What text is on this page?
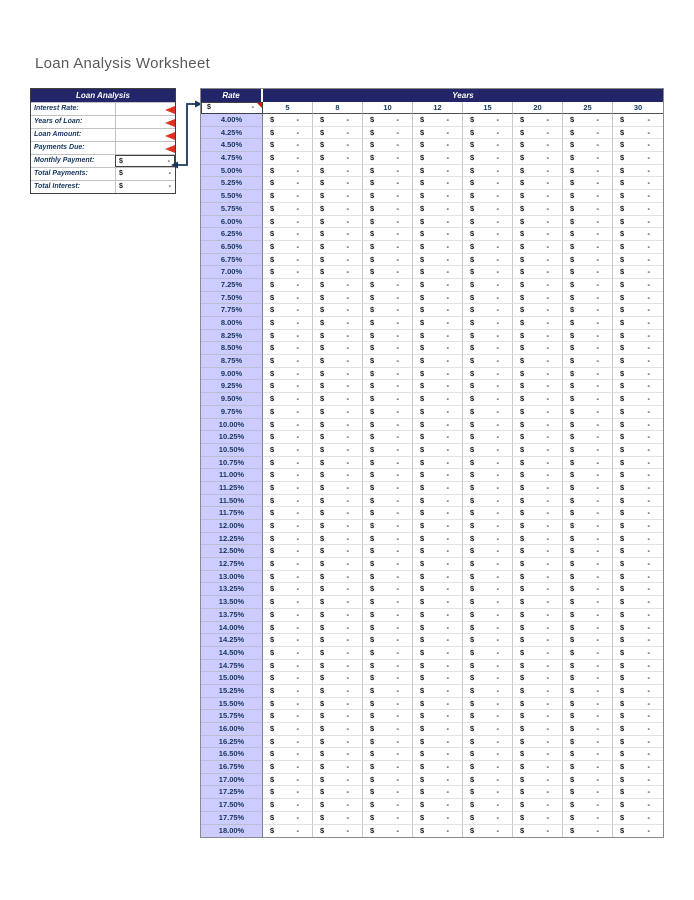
Loan Analysis Worksheet
Loan Analysis
Interest Rate:
Years of Loan:
Loan Amount:
Payments Due:
Monthly Payment:	$	-
Total Payments:	$	-
Total Interest:	$	-
Rate	Years
$	-	5	8	10	12	15	20	25	30
4.00%	$	-	$	-	$	-	$	-	$	-	$	-	$	-	$	-
4.25%	$	-	$	-	$	-	$	-	$	-	$	-	$	-	$	-
4.50%	$	-	$	-	$	-	$	-	$	-	$	-	$	-	$	-
4.75%	$	-	$	-	$	-	$	-	$	-	$	-	$	-	$	-
5.00%	$	-	$	-	$	-	$	-	$	-	$	-	$	-	$	-
5.25%	$	-	$	-	$	-	$	-	$	-	$	-	$	-	$	-
5.50%	$	-	$	-	$	-	$	-	$	-	$	-	$	-	$	-
5.75%	$	-	$	-	$	-	$	-	$	-	$	-	$	-	$	-
6.00%	$	-	$	-	$	-	$	-	$	-	$	-	$	-	$	-
6.25%	$	-	$	-	$	-	$	-	$	-	$	-	$	-	$	-
6.50%	$	-	$	-	$	-	$	-	$	-	$	-	$	-	$	-
6.75%	$	-	$	-	$	-	$	-	$	-	$	-	$	-	$	-
7.00%	$	-	$	-	$	-	$	-	$	-	$	-	$	-	$	-
7.25%	$	-	$	-	$	-	$	-	$	-	$	-	$	-	$	-
7.50%	$	-	$	-	$	-	$	-	$	-	$	-	$	-	$	-
7.75%	$	-	$	-	$	-	$	-	$	-	$	-	$	-	$	-
8.00%	$	-	$	-	$	-	$	-	$	-	$	-	$	-	$	-
8.25%	$	-	$	-	$	-	$	-	$	-	$	-	$	-	$	-
8.50%	$	-	$	-	$	-	$	-	$	-	$	-	$	-	$	-
8.75%	$	-	$	-	$	-	$	-	$	-	$	-	$	-	$	-
9.00%	$	-	$	-	$	-	$	-	$	-	$	-	$	-	$	-
9.25%	$	-	$	-	$	-	$	-	$	-	$	-	$	-	$	-
9.50%	$	-	$	-	$	-	$	-	$	-	$	-	$	-	$	-
9.75%	$	-	$	-	$	-	$	-	$	-	$	-	$	-	$	-
10.00%	$	-	$	-	$	-	$	-	$	-	$	-	$	-	$	-
10.25%	$	-	$	-	$	-	$	-	$	-	$	-	$	-	$	-
10.50%	$	-	$	-	$	-	$	-	$	-	$	-	$	-	$	-
10.75%	$	-	$	-	$	-	$	-	$	-	$	-	$	-	$	-
11.00%	$	-	$	-	$	-	$	-	$	-	$	-	$	-	$	-
11.25%	$	-	$	-	$	-	$	-	$	-	$	-	$	-	$	-
11.50%	$	-	$	-	$	-	$	-	$	-	$	-	$	-	$	-
11.75%	$	-	$	-	$	-	$	-	$	-	$	-	$	-	$	-
12.00%	$	-	$	-	$	-	$	-	$	-	$	-	$	-	$	-
12.25%	$	-	$	-	$	-	$	-	$	-	$	-	$	-	$	-
12.50%	$	-	$	-	$	-	$	-	$	-	$	-	$	-	$	-
12.75%	$	-	$	-	$	-	$	-	$	-	$	-	$	-	$	-
13.00%	$	-	$	-	$	-	$	-	$	-	$	-	$	-	$	-
13.25%	$	-	$	-	$	-	$	-	$	-	$	-	$	-	$	-
13.50%	$	-	$	-	$	-	$	-	$	-	$	-	$	-	$	-
13.75%	$	-	$	-	$	-	$	-	$	-	$	-	$	-	$	-
14.00%	$	-	$	-	$	-	$	-	$	-	$	-	$	-	$	-
14.25%	$	-	$	-	$	-	$	-	$	-	$	-	$	-	$	-
14.50%	$	-	$	-	$	-	$	-	$	-	$	-	$	-	$	-
14.75%	$	-	$	-	$	-	$	-	$	-	$	-	$	-	$	-
15.00%	$	-	$	-	$	-	$	-	$	-	$	-	$	-	$	-
15.25%	$	-	$	-	$	-	$	-	$	-	$	-	$	-	$	-
15.50%	$	-	$	-	$	-	$	-	$	-	$	-	$	-	$	-
15.75%	$	-	$	-	$	-	$	-	$	-	$	-	$	-	$	-
16.00%	$	-	$	-	$	-	$	-	$	-	$	-	$	-	$	-
16.25%	$	-	$	-	$	-	$	-	$	-	$	-	$	-	$	-
16.50%	$	-	$	-	$	-	$	-	$	-	$	-	$	-	$	-
16.75%	$	-	$	-	$	-	$	-	$	-	$	-	$	-	$	-
17.00%	$	-	$	-	$	-	$	-	$	-	$	-	$	-	$	-
17.25%	$	-	$	-	$	-	$	-	$	-	$	-	$	-	$	-
17.50%	$	-	$	-	$	-	$	-	$	-	$	-	$	-	$	-
17.75%	$	-	$	-	$	-	$	-	$	-	$	-	$	-	$	-
18.00%	$	-	$	-	$	-	$	-	$	-	$	-	$	-	$	-
